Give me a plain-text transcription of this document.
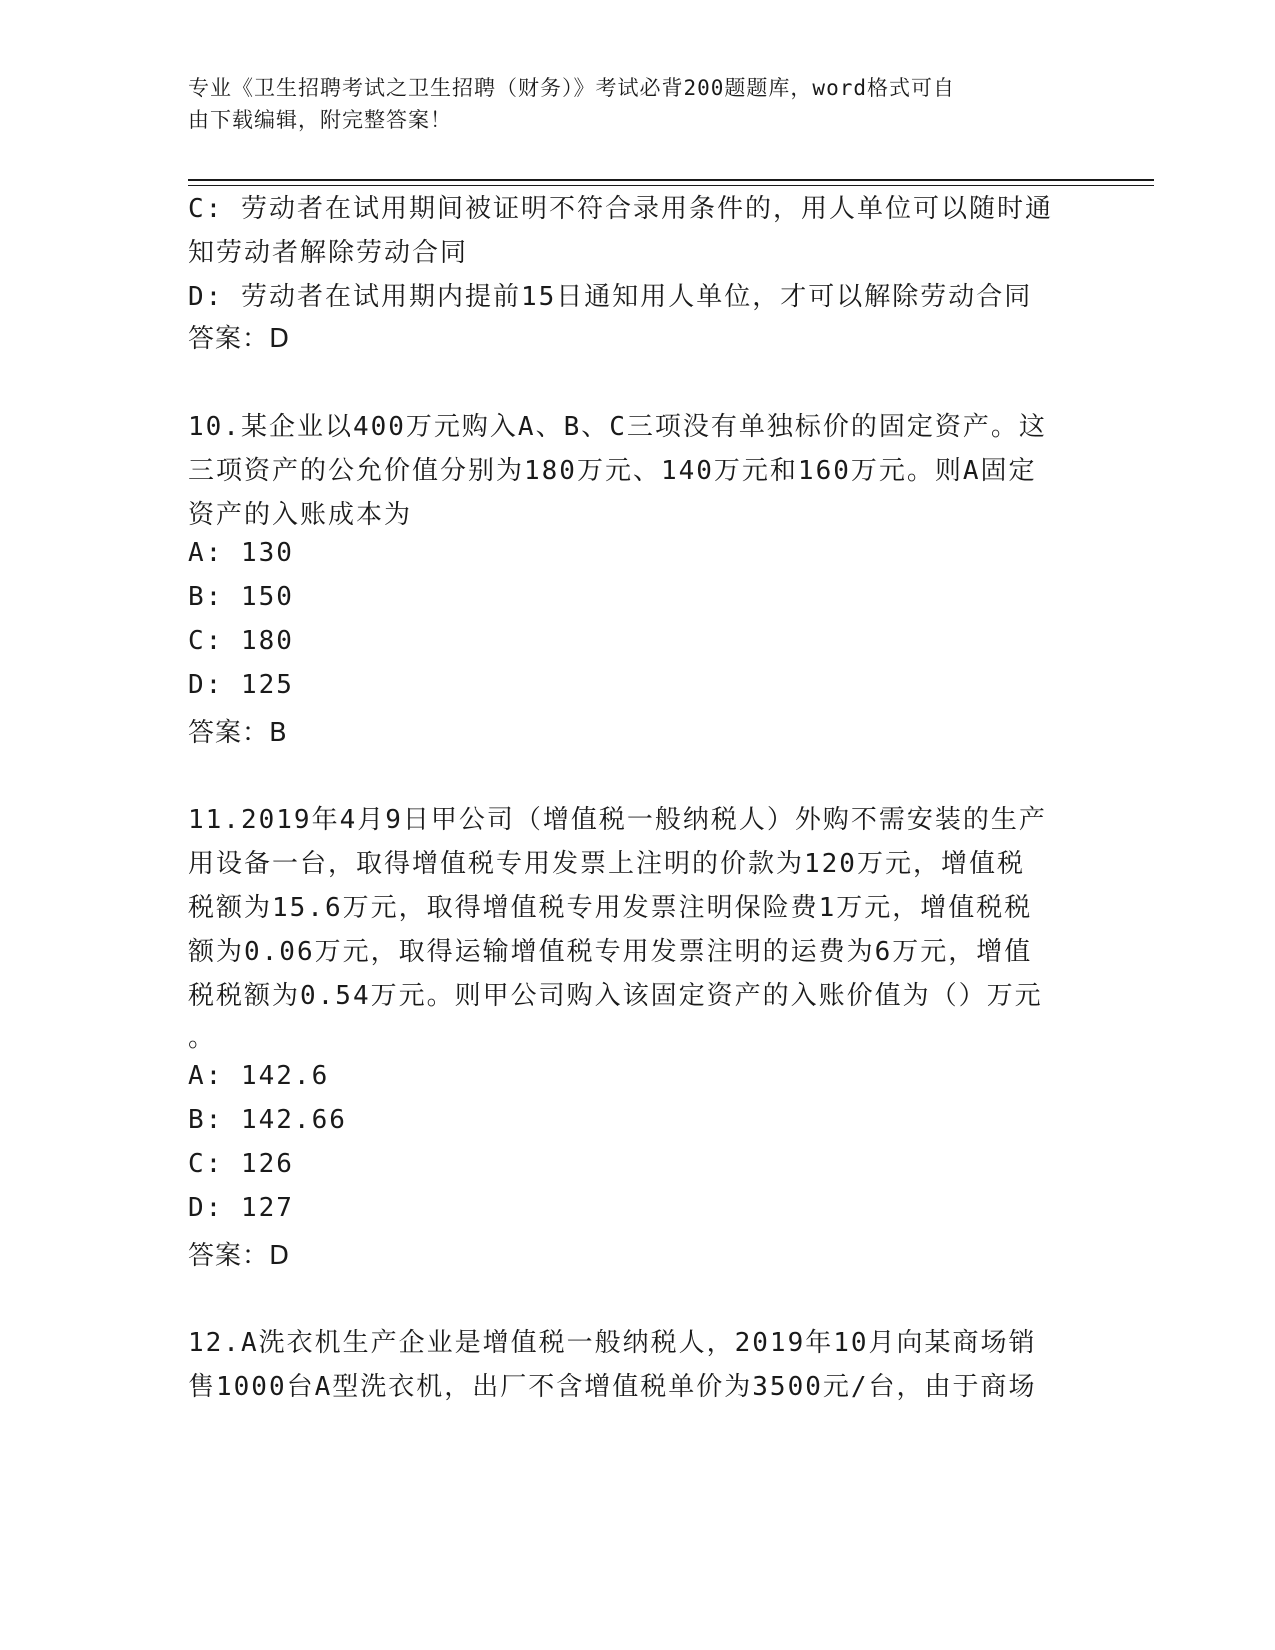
专业《卫生招聘考试之卫生招聘（财务）》考试必背200题题库，word格式可自
由下载编辑，附完整答案！
C: 劳动者在试用期间被证明不符合录用条件的，用人单位可以随时通
知劳动者解除劳动合同
D: 劳动者在试用期内提前15日通知用人单位，才可以解除劳动合同
答案：D
10.某企业以400万元购入A、B、C三项没有单独标价的固定资产。这
三项资产的公允价值分别为180万元、140万元和160万元。则A固定
资产的入账成本为
A: 130
B: 150
C: 180
D: 125
答案：B
11.2019年4月9日甲公司（增值税一般纳税人）外购不需安装的生产
用设备一台，取得增值税专用发票上注明的价款为120万元，增值税
税额为15.6万元，取得增值税专用发票注明保险费1万元，增值税税
额为0.06万元，取得运输增值税专用发票注明的运费为6万元，增值
税税额为0.54万元。则甲公司购入该固定资产的入账价值为（）万元
。
A: 142.6
B: 142.66
C: 126
D: 127
答案：D
12.A洗衣机生产企业是增值税一般纳税人，2019年10月向某商场销
售1000台A型洗衣机，出厂不含增值税单价为3500元/台，由于商场
